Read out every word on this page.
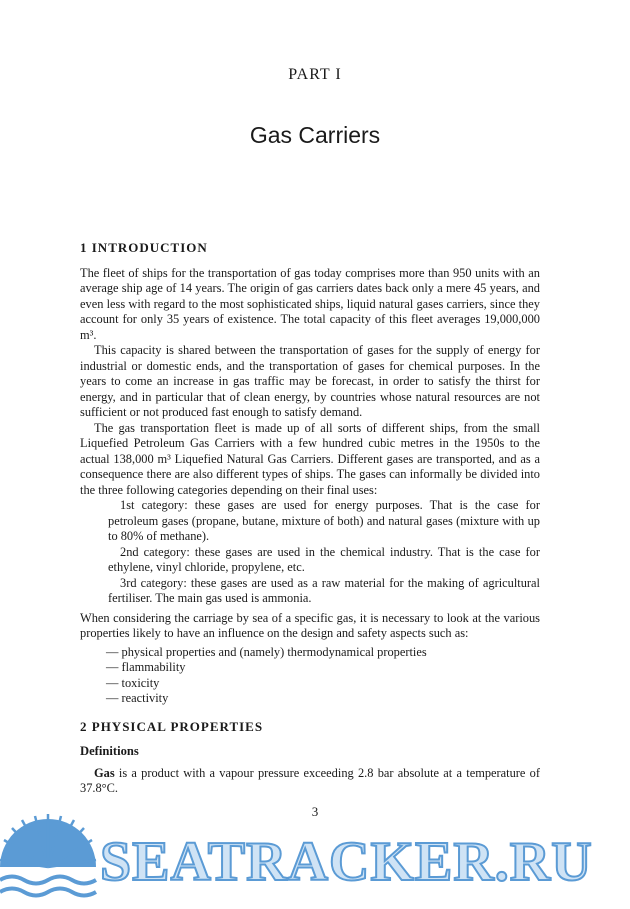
PART I
Gas Carriers
1 INTRODUCTION

The fleet of ships for the transportation of gas today comprises more than 950 units with an average ship age of 14 years. The origin of gas carriers dates back only a mere 45 years, and even less with regard to the most sophisticated ships, liquid natural gases carriers, since they account for only 35 years of existence. The total capacity of this fleet averages 19,000,000 m³.

This capacity is shared between the transportation of gases for the supply of energy for industrial or domestic ends, and the transportation of gases for chemical purposes. In the years to come an increase in gas traffic may be forecast, in order to satisfy the thirst for energy, and in particular that of clean energy, by countries whose natural resources are not sufficient or not produced fast enough to satisfy demand.

The gas transportation fleet is made up of all sorts of different ships, from the small Liquefied Petroleum Gas Carriers with a few hundred cubic metres in the 1950s to the actual 138,000 m³ Liquefied Natural Gas Carriers. Different gases are transported, and as a consequence there are also different types of ships. The gases can informally be divided into the three following categories depending on their final uses:

1st category: these gases are used for energy purposes. That is the case for petroleum gases (propane, butane, mixture of both) and natural gases (mixture with up to 80% of methane).

2nd category: these gases are used in the chemical industry. That is the case for ethylene, vinyl chloride, propylene, etc.

3rd category: these gases are used as a raw material for the making of agricultural fertiliser. The main gas used is ammonia.

When considering the carriage by sea of a specific gas, it is necessary to look at the various properties likely to have an influence on the design and safety aspects such as:

— physical properties and (namely) thermodynamical properties
— flammability
— toxicity
— reactivity
2 PHYSICAL PROPERTIES
Definitions

Gas is a product with a vapour pressure exceeding 2.8 bar absolute at a temperature of 37.8°C.

3
SEATRACKER.RU
